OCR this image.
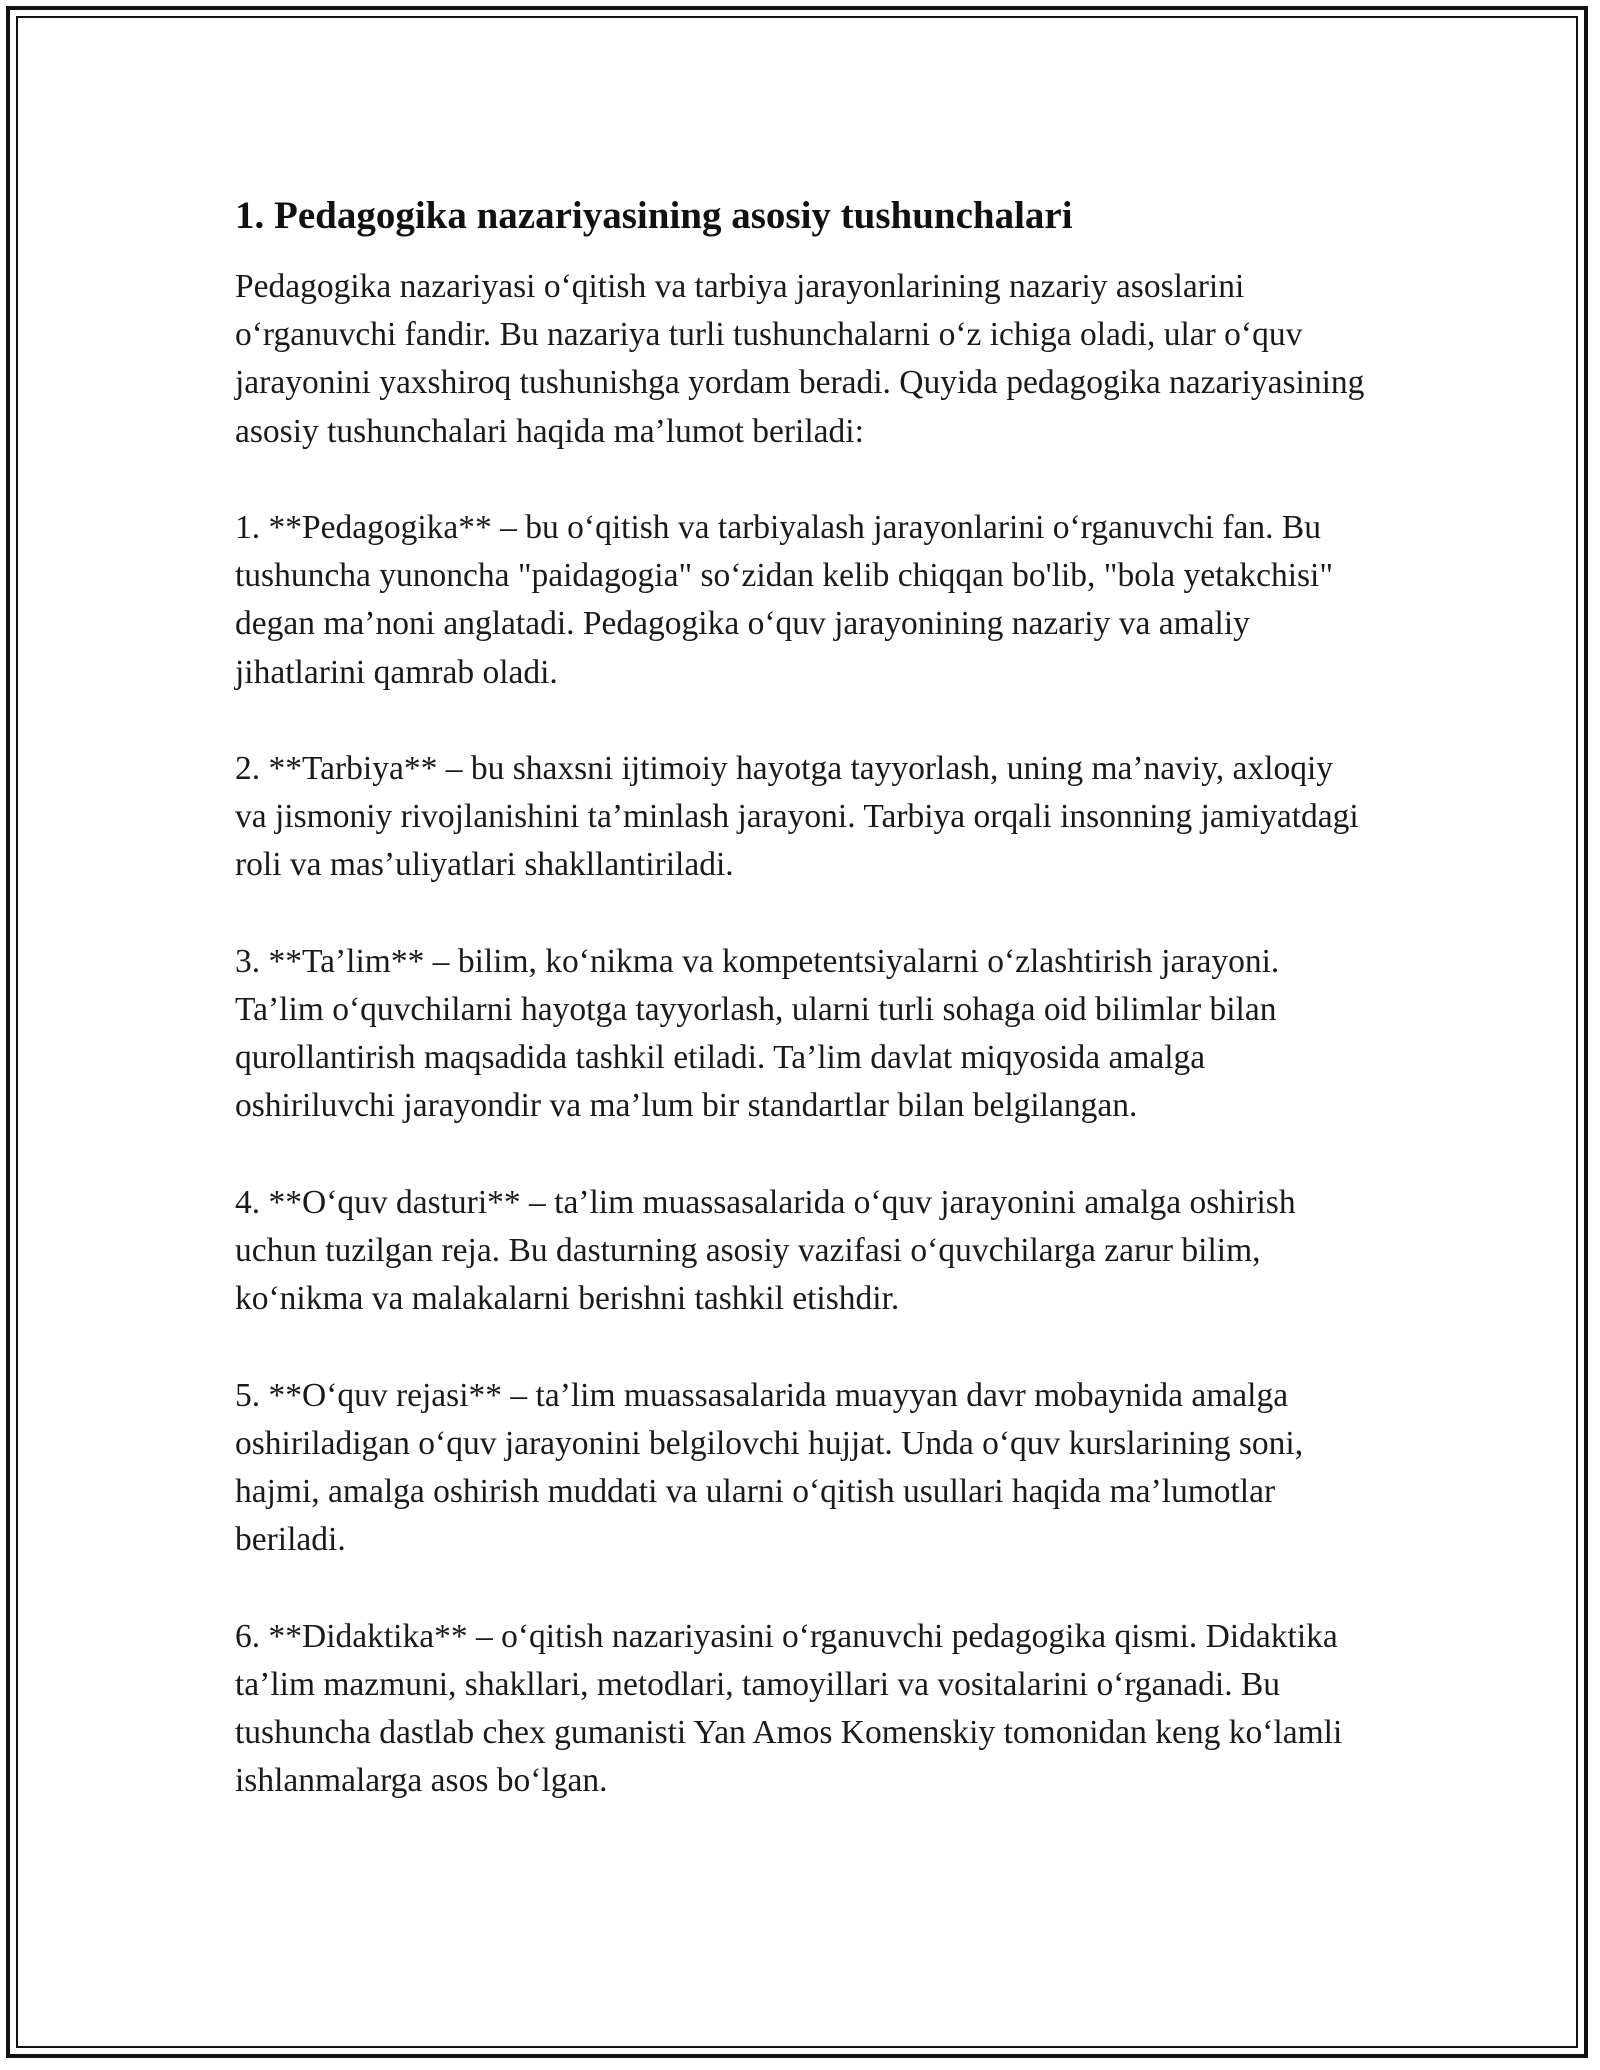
1. Pedagogika nazariyasining asosiy tushunchalari

Pedagogika nazariyasi o‘qitish va tarbiya jarayonlarining nazariy asoslarini o‘rganuvchi fandir. Bu nazariya turli tushunchalarni o‘z ichiga oladi, ular o‘quv jarayonini yaxshiroq tushunishga yordam beradi. Quyida pedagogika nazariyasining asosiy tushunchalari haqida ma’lumot beriladi:

1. **Pedagogika** – bu o‘qitish va tarbiyalash jarayonlarini o‘rganuvchi fan. Bu tushuncha yunoncha "paidagogia" so‘zidan kelib chiqqan bo'lib, "bola yetakchisi" degan ma’noni anglatadi. Pedagogika o‘quv jarayonining nazariy va amaliy jihatlarini qamrab oladi.

2. **Tarbiya** – bu shaxsni ijtimoiy hayotga tayyorlash, uning ma’naviy, axloqiy va jismoniy rivojlanishini ta’minlash jarayoni. Tarbiya orqali insonning jamiyatdagi roli va mas’uliyatlari shakllantiriladi.

3. **Ta’lim** – bilim, ko‘nikma va kompetentsiyalarni o‘zlashtirish jarayoni. Ta’lim o‘quvchilarni hayotga tayyorlash, ularni turli sohaga oid bilimlar bilan qurollantirish maqsadida tashkil etiladi. Ta’lim davlat miqyosida amalga oshiriluvchi jarayondir va ma’lum bir standartlar bilan belgilangan.

4. **O‘quv dasturi** – ta’lim muassasalarida o‘quv jarayonini amalga oshirish uchun tuzilgan reja. Bu dasturning asosiy vazifasi o‘quvchilarga zarur bilim, ko‘nikma va malakalarni berishni tashkil etishdir.

5. **O‘quv rejasi** – ta’lim muassasalarida muayyan davr mobaynida amalga oshiriladigan o‘quv jarayonini belgilovchi hujjat. Unda o‘quv kurslarining soni, hajmi, amalga oshirish muddati va ularni o‘qitish usullari haqida ma’lumotlar beriladi.

6. **Didaktika** – o‘qitish nazariyasini o‘rganuvchi pedagogika qismi. Didaktika ta’lim mazmuni, shakllari, metodlari, tamoyillari va vositalarini o‘rganadi. Bu tushuncha dastlab chex gumanisti Yan Amos Komenskiy tomonidan keng ko‘lamli ishlanmalarga asos bo‘lgan.
